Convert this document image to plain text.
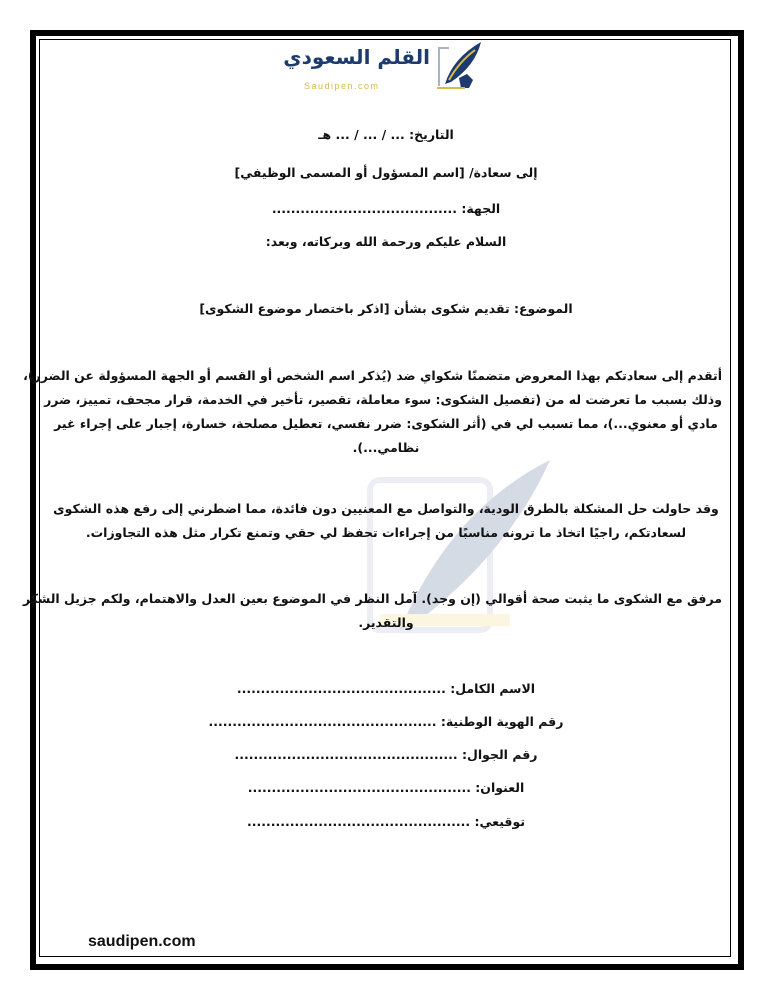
القلم السعودي
Saudipen.com
التاريخ: ... / ... / ... هـ
إلى سعادة/ [اسم المسؤول أو المسمى الوظيفي]
الجهة: .......................................
السلام عليكم ورحمة الله وبركاته، وبعد:
الموضوع: تقديم شكوى بشأن [اذكر باختصار موضوع الشكوى]
أتقدم إلى سعادتكم بهذا المعروض متضمنًا شكواي ضد (يُذكر اسم الشخص أو القسم أو الجهة المسؤولة عن الضرر)،
وذلك بسبب ما تعرضت له من (تفصيل الشكوى: سوء معاملة، تقصير، تأخير في الخدمة، قرار مجحف، تمييز، ضرر
مادي أو معنوي...)، مما تسبب لي في (أثر الشكوى: ضرر نفسي، تعطيل مصلحة، خسارة، إجبار على إجراء غير
نظامي...).
وقد حاولت حل المشكلة بالطرق الودية، والتواصل مع المعنيين دون فائدة، مما اضطرني إلى رفع هذه الشكوى
لسعادتكم، راجيًا اتخاذ ما ترونه مناسبًا من إجراءات تحفظ لي حقي وتمنع تكرار مثل هذه التجاوزات.
مرفق مع الشكوى ما يثبت صحة أقوالي (إن وجد). آمل النظر في الموضوع بعين العدل والاهتمام، ولكم جزيل الشكر
والتقدير.
الاسم الكامل: ............................................
رقم الهوية الوطنية: ................................................
رقم الجوال: ...............................................
العنوان: ...............................................
توقيعي: ...............................................
saudipen.com
